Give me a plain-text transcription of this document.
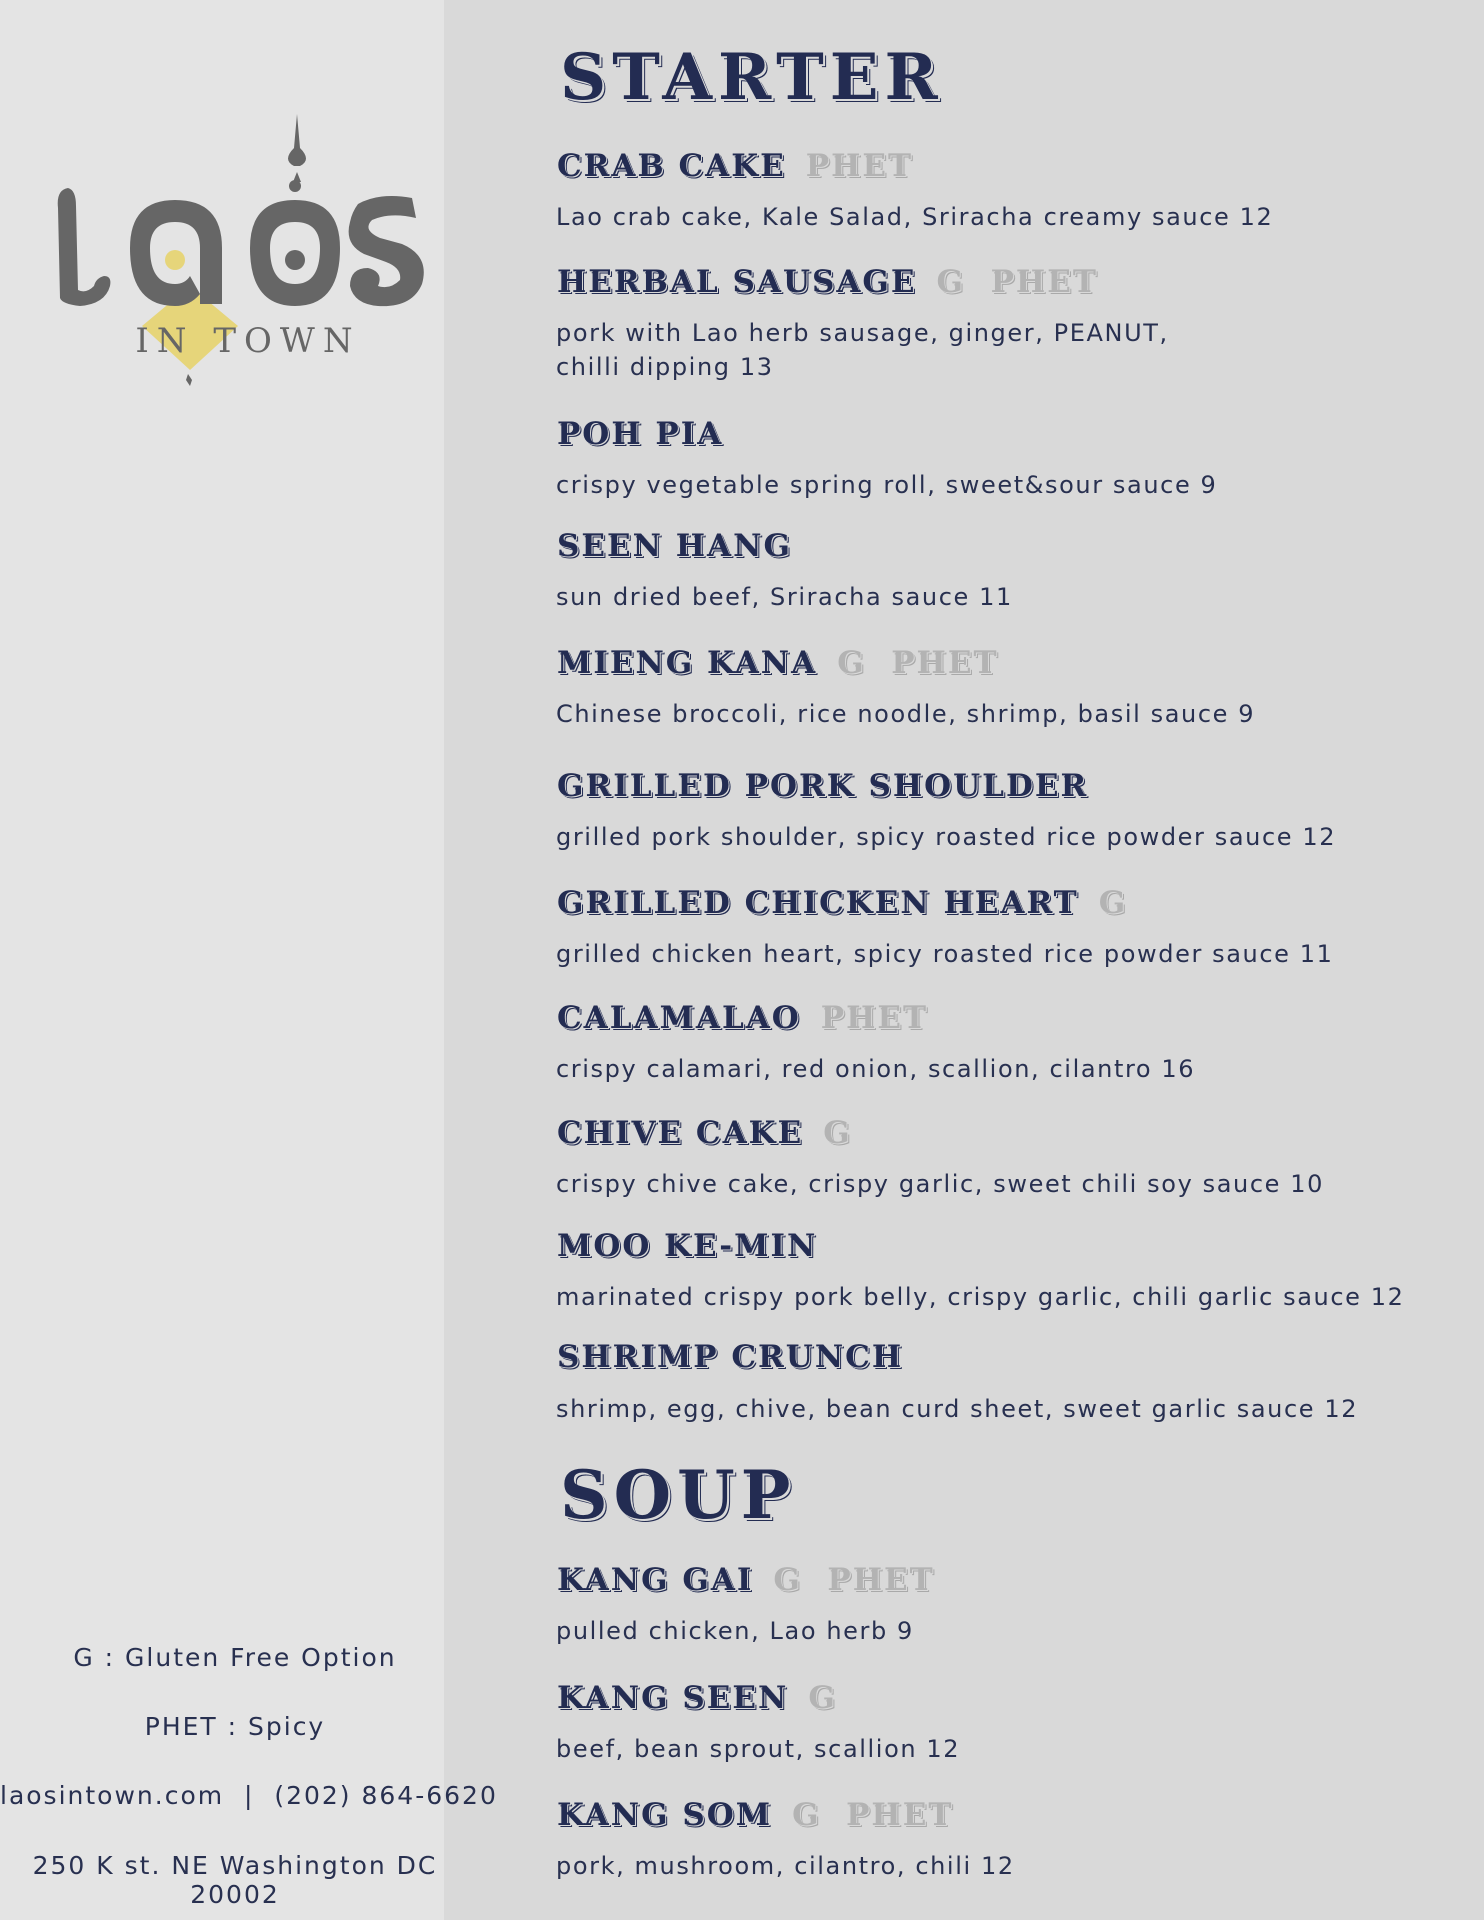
IN TOWN
G : Gluten Free Option
PHET : Spicy
laosintown.com  |  (202) 864-6620
250 K st. NE Washington DC 20002
STARTER
CRAB CAKE PHET

Lao crab cake, Kale Salad, Sriracha creamy sauce 12

HERBAL SAUSAGE G  PHET

pork with Lao herb sausage, ginger, PEANUT,

chilli dipping 13

POH PIA

crispy vegetable spring roll, sweet&sour sauce 9

SEEN HANG

sun dried beef, Sriracha sauce 11

MIENG KANA G  PHET

Chinese broccoli, rice noodle, shrimp, basil sauce 9

GRILLED PORK SHOULDER

grilled pork shoulder, spicy roasted rice powder sauce 12

GRILLED CHICKEN HEART G

grilled chicken heart, spicy roasted rice powder sauce 11

CALAMALAO PHET

crispy calamari, red onion, scallion, cilantro 16

CHIVE CAKE G

crispy chive cake, crispy garlic, sweet chili soy sauce 10

MOO KE-MIN

marinated crispy pork belly, crispy garlic, chili garlic sauce 12

SHRIMP CRUNCH

shrimp, egg, chive, bean curd sheet, sweet garlic sauce 12

SOUP
KANG GAI G  PHET

pulled chicken, Lao herb 9

KANG SEEN G

beef, bean sprout, scallion 12

KANG SOM G  PHET

pork, mushroom, cilantro, chili 12
